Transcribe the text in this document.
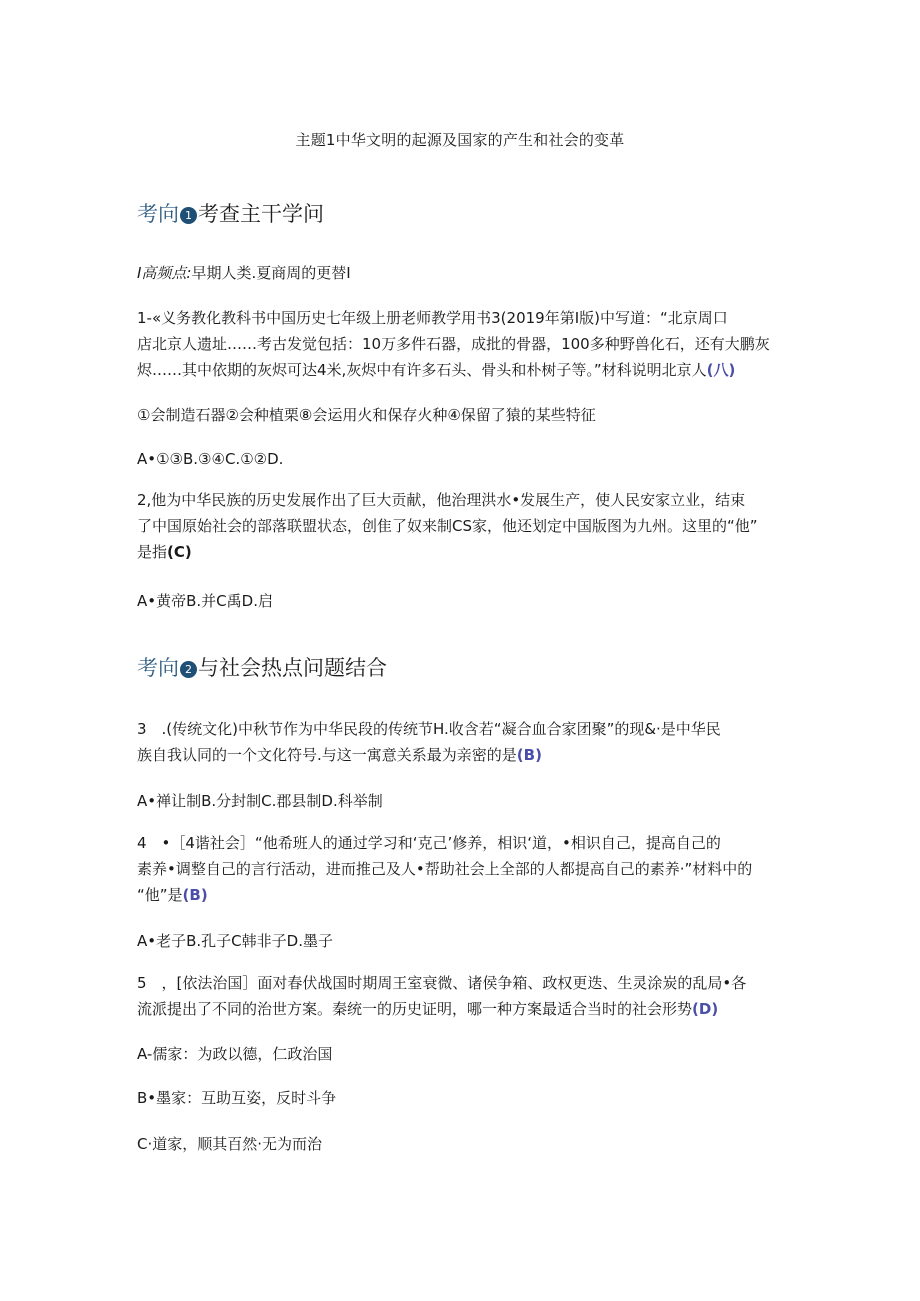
主题1中华文明的起源及国家的产生和社会的变革
考向 1 考查主干学问
I高频点:早期人类.夏商周的更替I
1-«义务教化教科书中国历史七年级上册老师教学用书3(2019年第I版)中写道：“北京周口
店北京人遗址……考古发觉包括：10万多件石器，成批的骨器，100多种野兽化石，还有大鹏灰
烬……其中依期的灰烬可达4米,灰烬中有许多石头、骨头和朴树子等。”材科说明北京人(八)
①会制造石器②会种植栗⑧会运用火和保存火种④保留了猿的某些特征
A•①③B.③④C.①②D.
2,他为中华民族的历史发展作出了巨大贡献，他治理洪水•发展生产，使人民安家立业，结束
了中国原始社会的部落联盟状态，创隹了奴来制CS家，他还划定中国版图为九州。这里的“他”
是指(C)
A•黄帝B.并C禹D.启
考向 2 与社会热点问题结合
3　.(传统文化)中秋节作为中华民段的传统节H.收含若“凝合血合家团聚”的现&·是中华民
族自我认同的一个文化符号.与这一寓意关系最为亲密的是(B)
A•禅让制B.分封制C.郡县制D.科举制
4　•［4谐社会］“他希班人的通过学习和‘克己’修养，相识‘道，•相识自己，提高自己的
素养•调整自己的言行活动，进而推己及人•帮助社会上全部的人都提高自己的素养·”材料中的
“他”是(B)
A•老子B.孔子C韩非子D.墨子
5　，[依法治国］面对春伏战国时期周王室衰微、诸侯争箱、政权更迭、生灵涂炭的乱局•各
流派提出了不同的治世方案。秦统一的历史证明，哪一种方案最适合当时的社会形势(D)
A-儒家：为政以德，仁政治国
B•墨家：互助互姿，反时斗争
C·道家，顺其百然·无为而治
